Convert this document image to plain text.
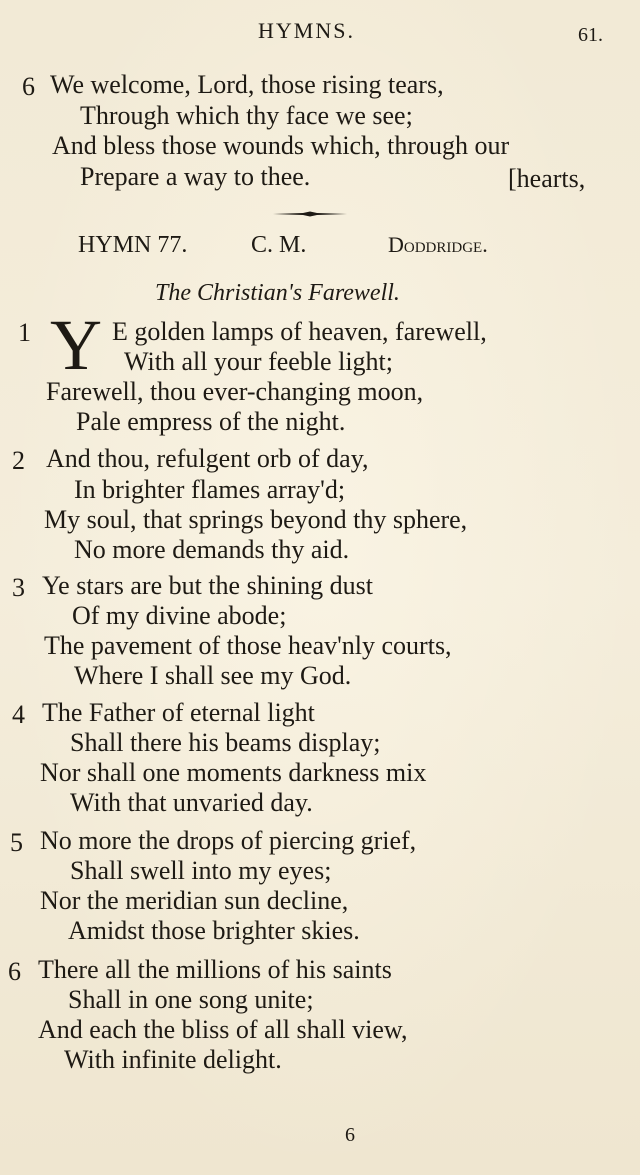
HYMNS.	61.
6 We welcome, Lord, those rising tears,
Through which thy face we see;
And bless those wounds which, through our
Prepare a way to thee.	[hearts,
HYMN 77.	C. M.	Doddridge.
The Christian's Farewell.
1 Y E golden lamps of heaven, farewell,
With all your feeble light;
Farewell, thou ever-changing moon,
Pale empress of the night.
2 And thou, refulgent orb of day,
In brighter flames array'd;
My soul, that springs beyond thy sphere,
No more demands thy aid.
3 Ye stars are but the shining dust
Of my divine abode;
The pavement of those heav'nly courts,
Where I shall see my God.
4 The Father of eternal light
Shall there his beams display;
Nor shall one moments darkness mix
With that unvaried day.
5 No more the drops of piercing grief,
Shall swell into my eyes;
Nor the meridian sun decline,
Amidst those brighter skies.
6 There all the millions of his saints
Shall in one song unite;
And each the bliss of all shall view,
With infinite delight.
6
